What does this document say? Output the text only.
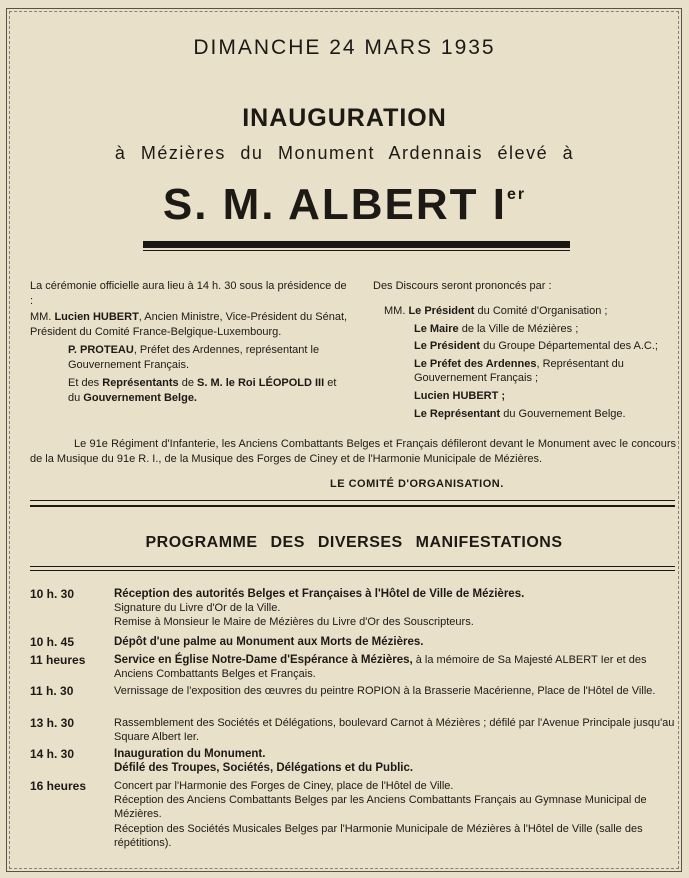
DIMANCHE 24 MARS 1935
INAUGURATION
à Mézières du Monument Ardennais élevé à
S. M. ALBERT Ier

La cérémonie officielle aura lieu à 14 h. 30 sous la présidence de :

MM. Lucien HUBERT, Ancien Ministre, Vice-Président du Sénat, Président du Comité France-Belgique-Luxembourg.

P. PROTEAU, Préfet des Ardennes, représentant le Gouvernement Français.

Et des Représentants de S. M. le Roi LÉOPOLD III et du Gouvernement Belge.

Des Discours seront prononcés par :

MM. Le Président du Comité d'Organisation ;

Le Maire de la Ville de Mézières ;

Le Président du Groupe Départemental des A.C.;

Le Préfet des Ardennes, Représentant du Gouvernement Français ;

Lucien HUBERT ;

Le Représentant du Gouvernement Belge.

Le 91e Régiment d'Infanterie, les Anciens Combattants Belges et Français défileront devant le Monument avec le concours de la Musique du 91e R. I., de la Musique des Forges de Ciney et de l'Harmonie Municipale de Mézières.
LE COMITÉ D'ORGANISATION.
PROGRAMME DES DIVERSES MANIFESTATIONS
10 h. 30	Réception des autorités Belges et Françaises à l'Hôtel de Ville de Mézières.

Signature du Livre d'Or de la Ville.

Remise à Monsieur le Maire de Mézières du Livre d'Or des Souscripteurs.

10 h. 45	Dépôt d'une palme au Monument aux Morts de Mézières.

11 heures Service en Église Notre-Dame d'Espérance à Mézières, à la mémoire de Sa Majesté ALBERT Ier et des Anciens Combattants Belges et Français.

11 h. 30	Vernissage de l'exposition des œuvres du peintre ROPION à la Brasserie Macérienne, Place de l'Hôtel de Ville.

13 h. 30	Rassemblement des Sociétés et Délégations, boulevard Carnot à Mézières ; défilé par l'Avenue Principale jusqu'au Square Albert Ier.

14 h. 30	Inauguration du Monument.

Défilé des Troupes, Sociétés, Délégations et du Public.

16 heures	Concert par l'Harmonie des Forges de Ciney, place de l'Hôtel de Ville.

Réception des Anciens Combattants Belges par les Anciens Combattants Français au Gymnase Municipal de Mézières.

Réception des Sociétés Musicales Belges par l'Harmonie Municipale de Mézières à l'Hôtel de Ville (salle des répétitions).
